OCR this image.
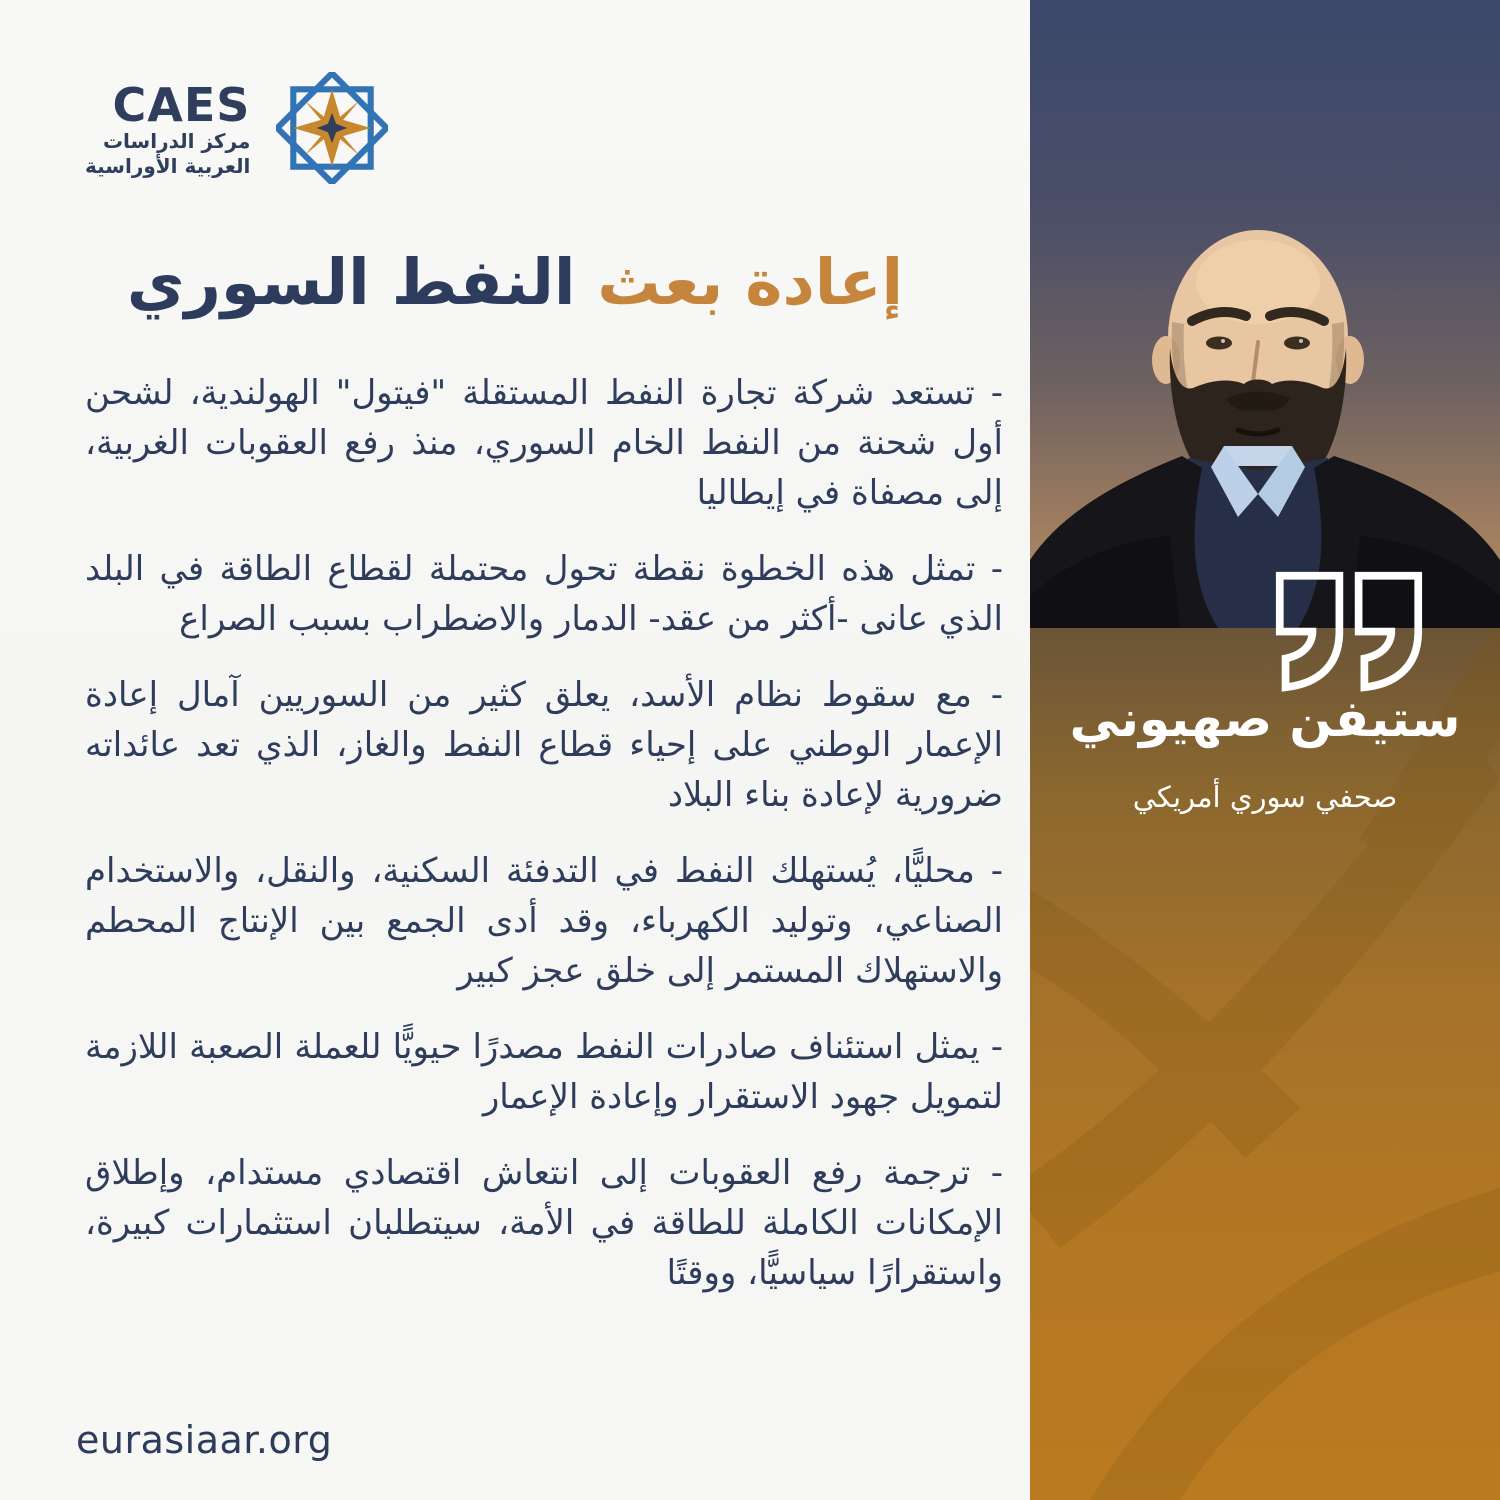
CAES
مركز الدراسات
العربية الأوراسية
إعادة بعث النفط السوري

- تستعد شركة تجارة النفط المستقلة "فيتول" الهولندية، لشحن أول شحنة من النفط الخام السوري، منذ رفع العقوبات الغربية، إلى مصفاة في إيطاليا

- تمثل هذه الخطوة نقطة تحول محتملة لقطاع الطاقة في البلد الذي عانى -أكثر من عقد- الدمار والاضطراب بسبب الصراع

- مع سقوط نظام الأسد، يعلق كثير من السوريين آمال إعادة الإعمار الوطني على إحياء قطاع النفط والغاز، الذي تعد عائداته ضرورية لإعادة بناء البلاد

- محليًّا، يُستهلك النفط في التدفئة السكنية، والنقل، والاستخدام الصناعي، وتوليد الكهرباء، وقد أدى الجمع بين الإنتاج المحطم والاستهلاك المستمر إلى خلق عجز كبير

- يمثل استئناف صادرات النفط مصدرًا حيويًّا للعملة الصعبة اللازمة لتمويل جهود الاستقرار وإعادة الإعمار

- ترجمة رفع العقوبات إلى انتعاش اقتصادي مستدام، وإطلاق الإمكانات الكاملة للطاقة في الأمة، سيتطلبان استثمارات كبيرة، واستقرارًا سياسيًّا، ووقتًا

eurasiaar.org
ستيفن صهيوني
صحفي سوري أمريكي
